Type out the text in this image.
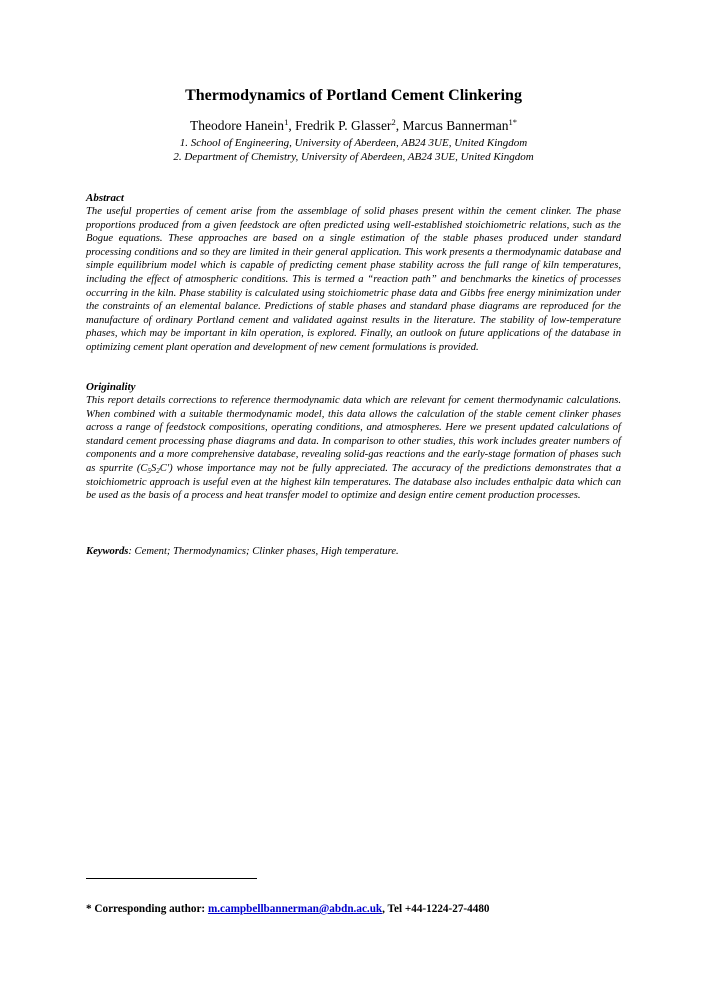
Thermodynamics of Portland Cement Clinkering
Theodore Hanein$^1$, Fredrik P. Glasser$^2$, Marcus Bannerman$^{1*}$
1. School of Engineering, University of Aberdeen, AB24 3UE, United Kingdom
2. Department of Chemistry, University of Aberdeen, AB24 3UE, United Kingdom
Abstract
The useful properties of cement arise from the assemblage of solid phases present within the cement clinker. The phase proportions produced from a given feedstock are often predicted using well-established stoichiometric relations, such as the Bogue equations. These approaches are based on a single estimation of the stable phases produced under standard processing conditions and so they are limited in their general application. This work presents a thermodynamic database and simple equilibrium model which is capable of predicting cement phase stability across the full range of kiln temperatures, including the effect of atmospheric conditions. This is termed a “reaction path” and benchmarks the kinetics of processes occurring in the kiln. Phase stability is calculated using stoichiometric phase data and Gibbs free energy minimization under the constraints of an elemental balance. Predictions of stable phases and standard phase diagrams are reproduced for the manufacture of ordinary Portland cement and validated against results in the literature. The stability of low-temperature phases, which may be important in kiln operation, is explored. Finally, an outlook on future applications of the database in optimizing cement plant operation and development of new cement formulations is provided.
Originality
This report details corrections to reference thermodynamic data which are relevant for cement thermodynamic calculations. When combined with a suitable thermodynamic model, this data allows the calculation of the stable cement clinker phases across a range of feedstock compositions, operating conditions, and atmospheres. Here we present updated calculations of standard cement processing phase diagrams and data. In comparison to other studies, this work includes greater numbers of components and a more comprehensive database, revealing solid-gas reactions and the early-stage formation of phases such as spurrite $(C_5S_2C')$ whose importance may not be fully appreciated. The accuracy of the predictions demonstrates that a stoichiometric approach is useful even at the highest kiln temperatures. The database also includes enthalpic data which can be used as the basis of a process and heat transfer model to optimize and design entire cement production processes.
Keywords: Cement; Thermodynamics; Clinker phases, High temperature.
* Corresponding author: m.campbellbannerman@abdn.ac.uk, Tel +44-1224-27-4480
